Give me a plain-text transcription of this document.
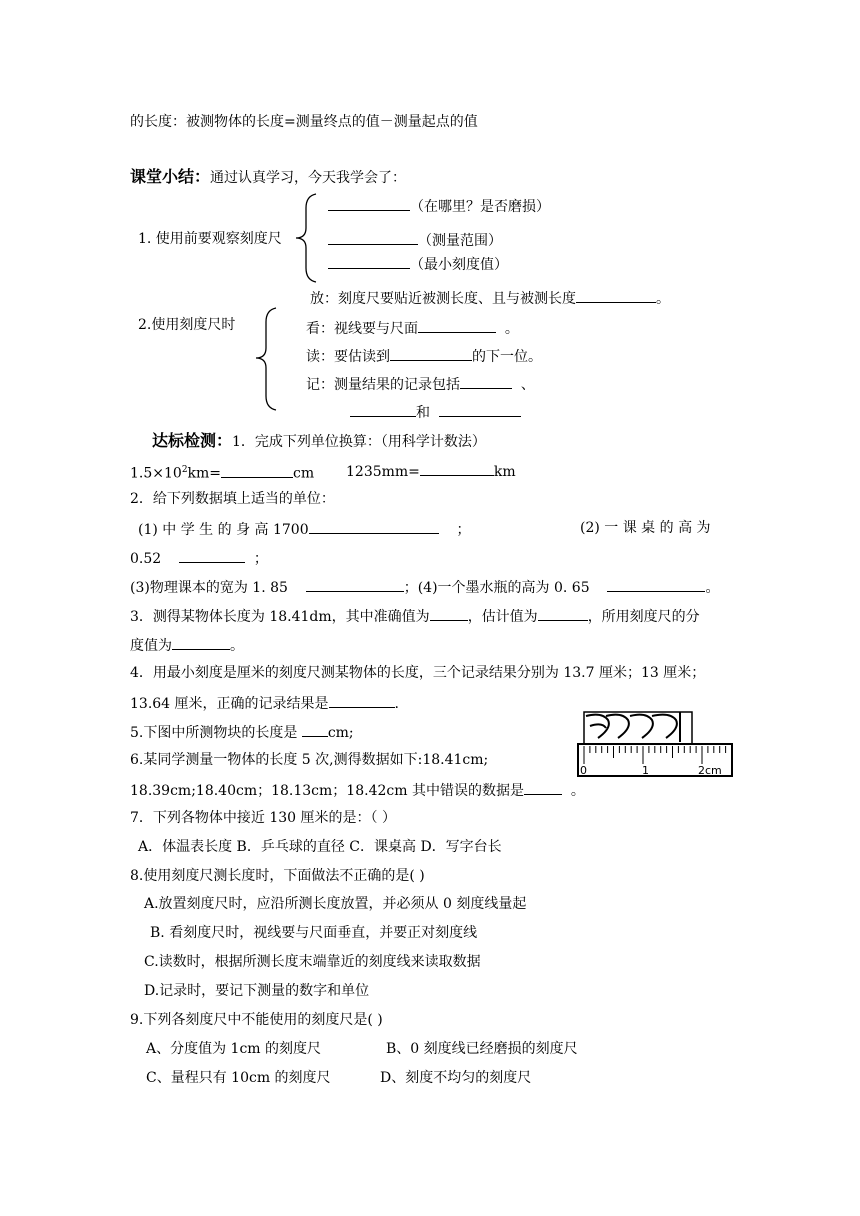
的长度：被测物体的长度=测量终点的值－测量起点的值
课堂小结：通过认真学习，今天我学会了：
1. 使用前要观察刻度尺
（在哪里？是否磨损）
（测量范围）
（最小刻度值）
放：刻度尺要贴近被测长度、且与被测长度	。
2.使用刻度尺时	看：视线要与尺面	。
读：要估读到	的下一位。
记：测量结果的记录包括	、
和
达标检测：1．完成下列单位换算：（用科学计数法）
$1.5\times 10^2km=$	cm 1235mm=	km
2．给下列数据填上适当的单位：
(1) 中 学 生 的 身 高 1700	；	(2) 一 课 桌 的 高 为
0.52	；
(3)物理课本的宽为 1. 85	；(4)一个墨水瓶的高为 0. 65	。
3．测得某物体长度为 18.41dm，其中准确值为	，估计值为	，所用刻度尺的分
度值为	。
4．用最小刻度是厘米的刻度尺测某物体的长度，三个记录结果分别为 13.7 厘米；13 厘米；
13.64 厘米，正确的记录结果是	.
5.下图中所测物块的长度是 cm;
0	1	2cm
6.某同学测量一物体的长度 5 次,测得数据如下:18.41cm;
18.39cm;18.40cm；18.13cm；18.42cm 其中错误的数据是	。
7．下列各物体中接近 130 厘米的是：（ ）
A．体温表长度 B．乒乓球的直径 C．课桌高 D．写字台长
8.使用刻度尺测长度时，下面做法不正确的是( )
A.放置刻度尺时，应沿所测长度放置，并必须从 0 刻度线量起
B. 看刻度尺时，视线要与尺面垂直，并要正对刻度线
C.读数时，根据所测长度末端靠近的刻度线来读取数据
D.记录时，要记下测量的数字和单位
9.下列各刻度尺中不能使用的刻度尺是( )
A、分度值为 1cm 的刻度尺	B、0 刻度线已经磨损的刻度尺
C、量程只有 10cm 的刻度尺	D、刻度不均匀的刻度尺
